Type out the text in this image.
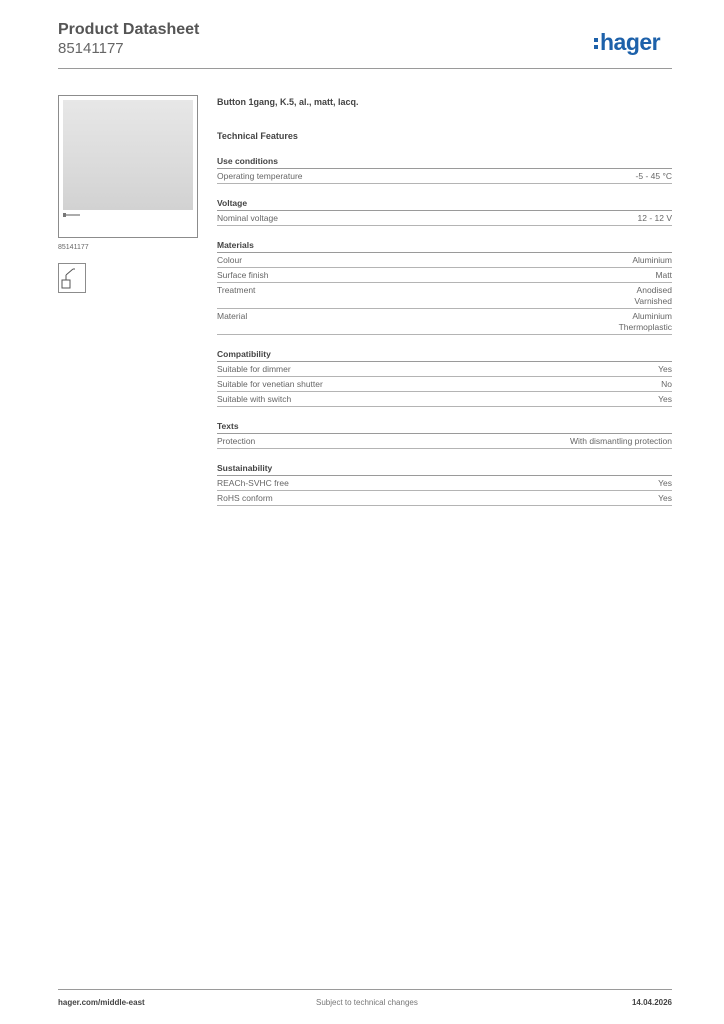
Product Datasheet
85141177	hager
85141177
Button 1gang, K.5, al., matt, lacq.
Technical Features
Use conditions
Operating temperature	-5 - 45 °C
Voltage
Nominal voltage	12 - 12 V
Materials
Colour	Aluminium
Surface finish	Matt
Treatment	Anodised
Varnished
Material	Aluminium
Thermoplastic
Compatibility
Suitable for dimmer	Yes
Suitable for venetian shutter	No
Suitable with switch	Yes
Texts
Protection	With dismantling protection
Sustainability
REACh-SVHC free	Yes
RoHS conform	Yes
hager.com/middle-east	Subject to technical changes	14.04.2026
